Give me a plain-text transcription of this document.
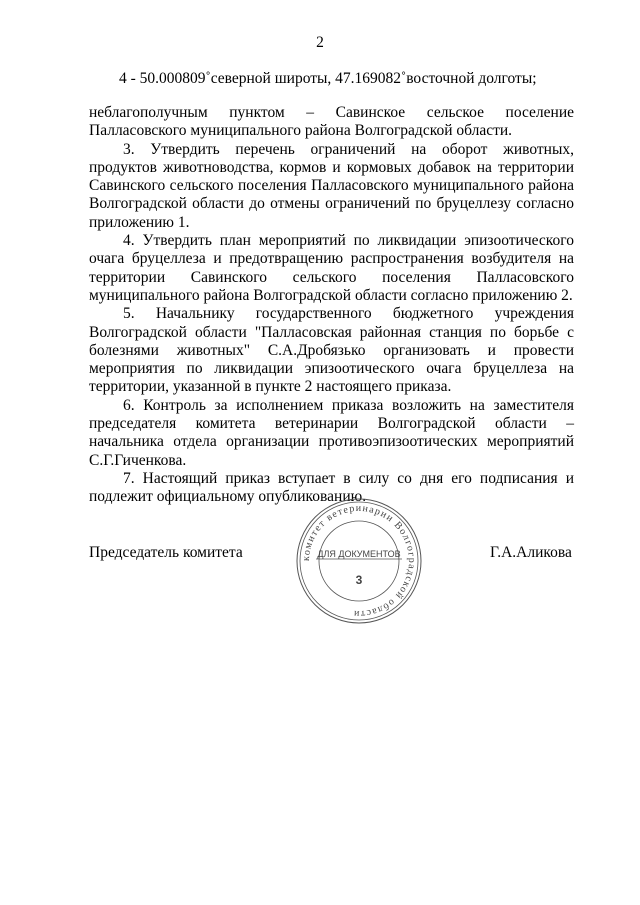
2
4 - 50.000809˚северной широты, 47.169082˚восточной долготы;

неблагополучным пунктом – Савинское сельское поселение Палласовского муниципального района Волгоградской области.

3. Утвердить перечень ограничений на оборот животных, продуктов животноводства, кормов и кормовых добавок на территории Савинского сельского поселения Палласовского муниципального района Волгоградской области до отмены ограничений по бруцеллезу согласно приложению 1.

4. Утвердить план мероприятий по ликвидации эпизоотического очага бруцеллеза и предотвращению распространения возбудителя на территории Савинского сельского поселения Палласовского муниципального района Волгоградской области согласно приложению 2.

5. Начальнику государственного бюджетного учреждения Волгоградской области "Палласовская районная станция по борьбе с болезнями животных" С.А.Дробязько организовать и провести мероприятия по ликвидации эпизоотического очага бруцеллеза на территории, указанной в пункте 2 настоящего приказа.

6. Контроль за исполнением приказа возложить на заместителя председателя комитета ветеринарии Волгоградской области – начальника отдела организации противоэпизоотических мероприятий С.Г.Гиченкова.

7. Настоящий приказ вступает в силу со дня его подписания и подлежит официальному опубликованию.

Председатель комитета	комитет ветеринарии Волгоградской области
ДЛЯ ДОКУМЕНТОВ
3
Г.А.Аликова
